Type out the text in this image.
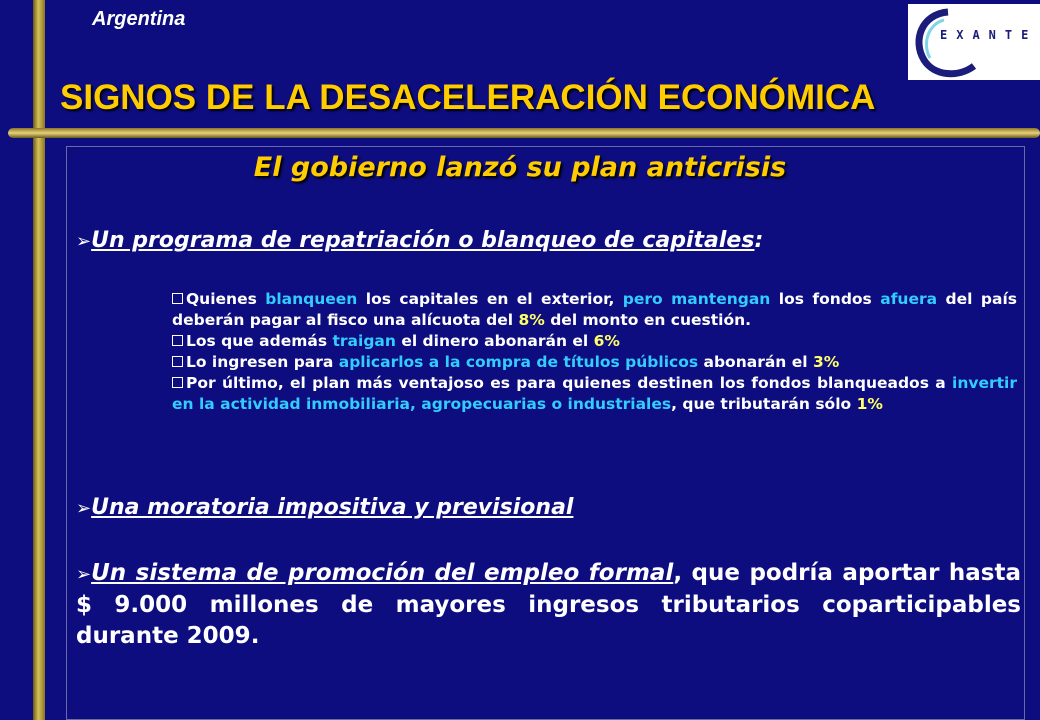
Argentina
EXANTE
SIGNOS DE LA DESACELERACIÓN ECONÓMICA
El gobierno lanzó su plan anticrisis
➢Un programa de repatriación o blanqueo de capitales:

Quienes blanqueen los capitales en el exterior, pero mantengan los fondos afuera del país deberán pagar al fisco una alícuota del 8% del monto en cuestión.

Los que además traigan el dinero abonarán el 6%

Lo ingresen para aplicarlos a la compra de títulos públicos abonarán el 3%

Por último, el plan más ventajoso es para quienes destinen los fondos blanqueados a invertir en la actividad inmobiliaria, agropecuarias o industriales, que tributarán sólo 1%

➢Una moratoria impositiva y previsional

➢Un sistema de promoción del empleo formal, que podría aportar hasta $ 9.000 millones de mayores ingresos tributarios coparticipables durante 2009.
